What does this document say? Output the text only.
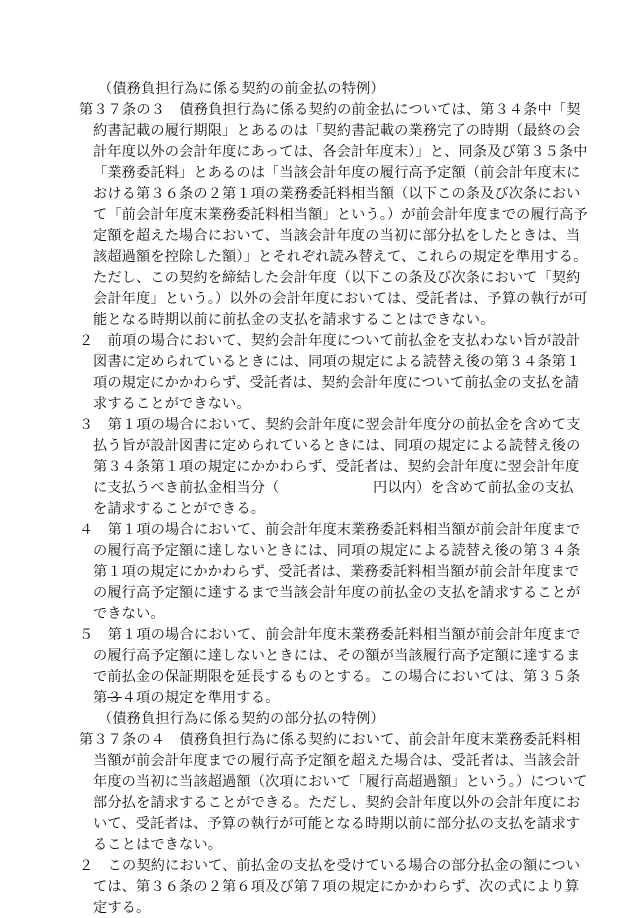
（債務負担行為に係る契約の前金払の特例）
第３７条の３　債務負担行為に係る契約の前金払については、第３４条中「契
約書記載の履行期限」とあるのは「契約書記載の業務完了の時期（最終の会
計年度以外の会計年度にあっては、各会計年度末）」と、同条及び第３５条中
「業務委託料」とあるのは「当該会計年度の履行高予定額（前会計年度末に
おける第３６条の２第１項の業務委託料相当額（以下この条及び次条におい
て「前会計年度末業務委託料相当額」という。）が前会計年度までの履行高予
定額を超えた場合において、当該会計年度の当初に部分払をしたときは、当
該超過額を控除した額）」とそれぞれ読み替えて、これらの規定を準用する。
ただし、この契約を締結した会計年度（以下この条及び次条において「契約
会計年度」という。）以外の会計年度においては、受託者は、予算の執行が可
能となる時期以前に前払金の支払を請求することはできない。
２　前項の場合において、契約会計年度について前払金を支払わない旨が設計
図書に定められているときには、同項の規定による読替え後の第３４条第１
項の規定にかかわらず、受託者は、契約会計年度について前払金の支払を請
求することができない。
３　第１項の場合において、契約会計年度に翌会計年度分の前払金を含めて支
払う旨が設計図書に定められているときには、同項の規定による読替え後の
第３４条第１項の規定にかかわらず、受託者は、契約会計年度に翌会計年度
に支払うべき前払金相当分（	円以内）を含めて前払金の支払
を請求することができる。
４　第１項の場合において、前会計年度末業務委託料相当額が前会計年度まで
の履行高予定額に達しないときには、同項の規定による読替え後の第３４条
第１項の規定にかかわらず、受託者は、業務委託料相当額が前会計年度まで
の履行高予定額に達するまで当該会計年度の前払金の支払を請求することが
できない。
５　第１項の場合において、前会計年度末業務委託料相当額が前会計年度まで
の履行高予定額に達しないときには、その額が当該履行高予定額に達するま
で前払金の保証期限を延長するものとする。この場合においては、第３５条
第３４項の規定を準用する。
（債務負担行為に係る契約の部分払の特例）
第３７条の４　債務負担行為に係る契約において、前会計年度末業務委託料相
当額が前会計年度までの履行高予定額を超えた場合は、受託者は、当該会計
年度の当初に当該超過額（次項において「履行高超過額」という。）について
部分払を請求することができる。ただし、契約会計年度以外の会計年度にお
いて、受託者は、予算の執行が可能となる時期以前に部分払の支払を請求す
ることはできない。
２　この契約において、前払金の支払を受けている場合の部分払金の額につい
ては、第３６条の２第６項及び第７項の規定にかかわらず、次の式により算
定する。
